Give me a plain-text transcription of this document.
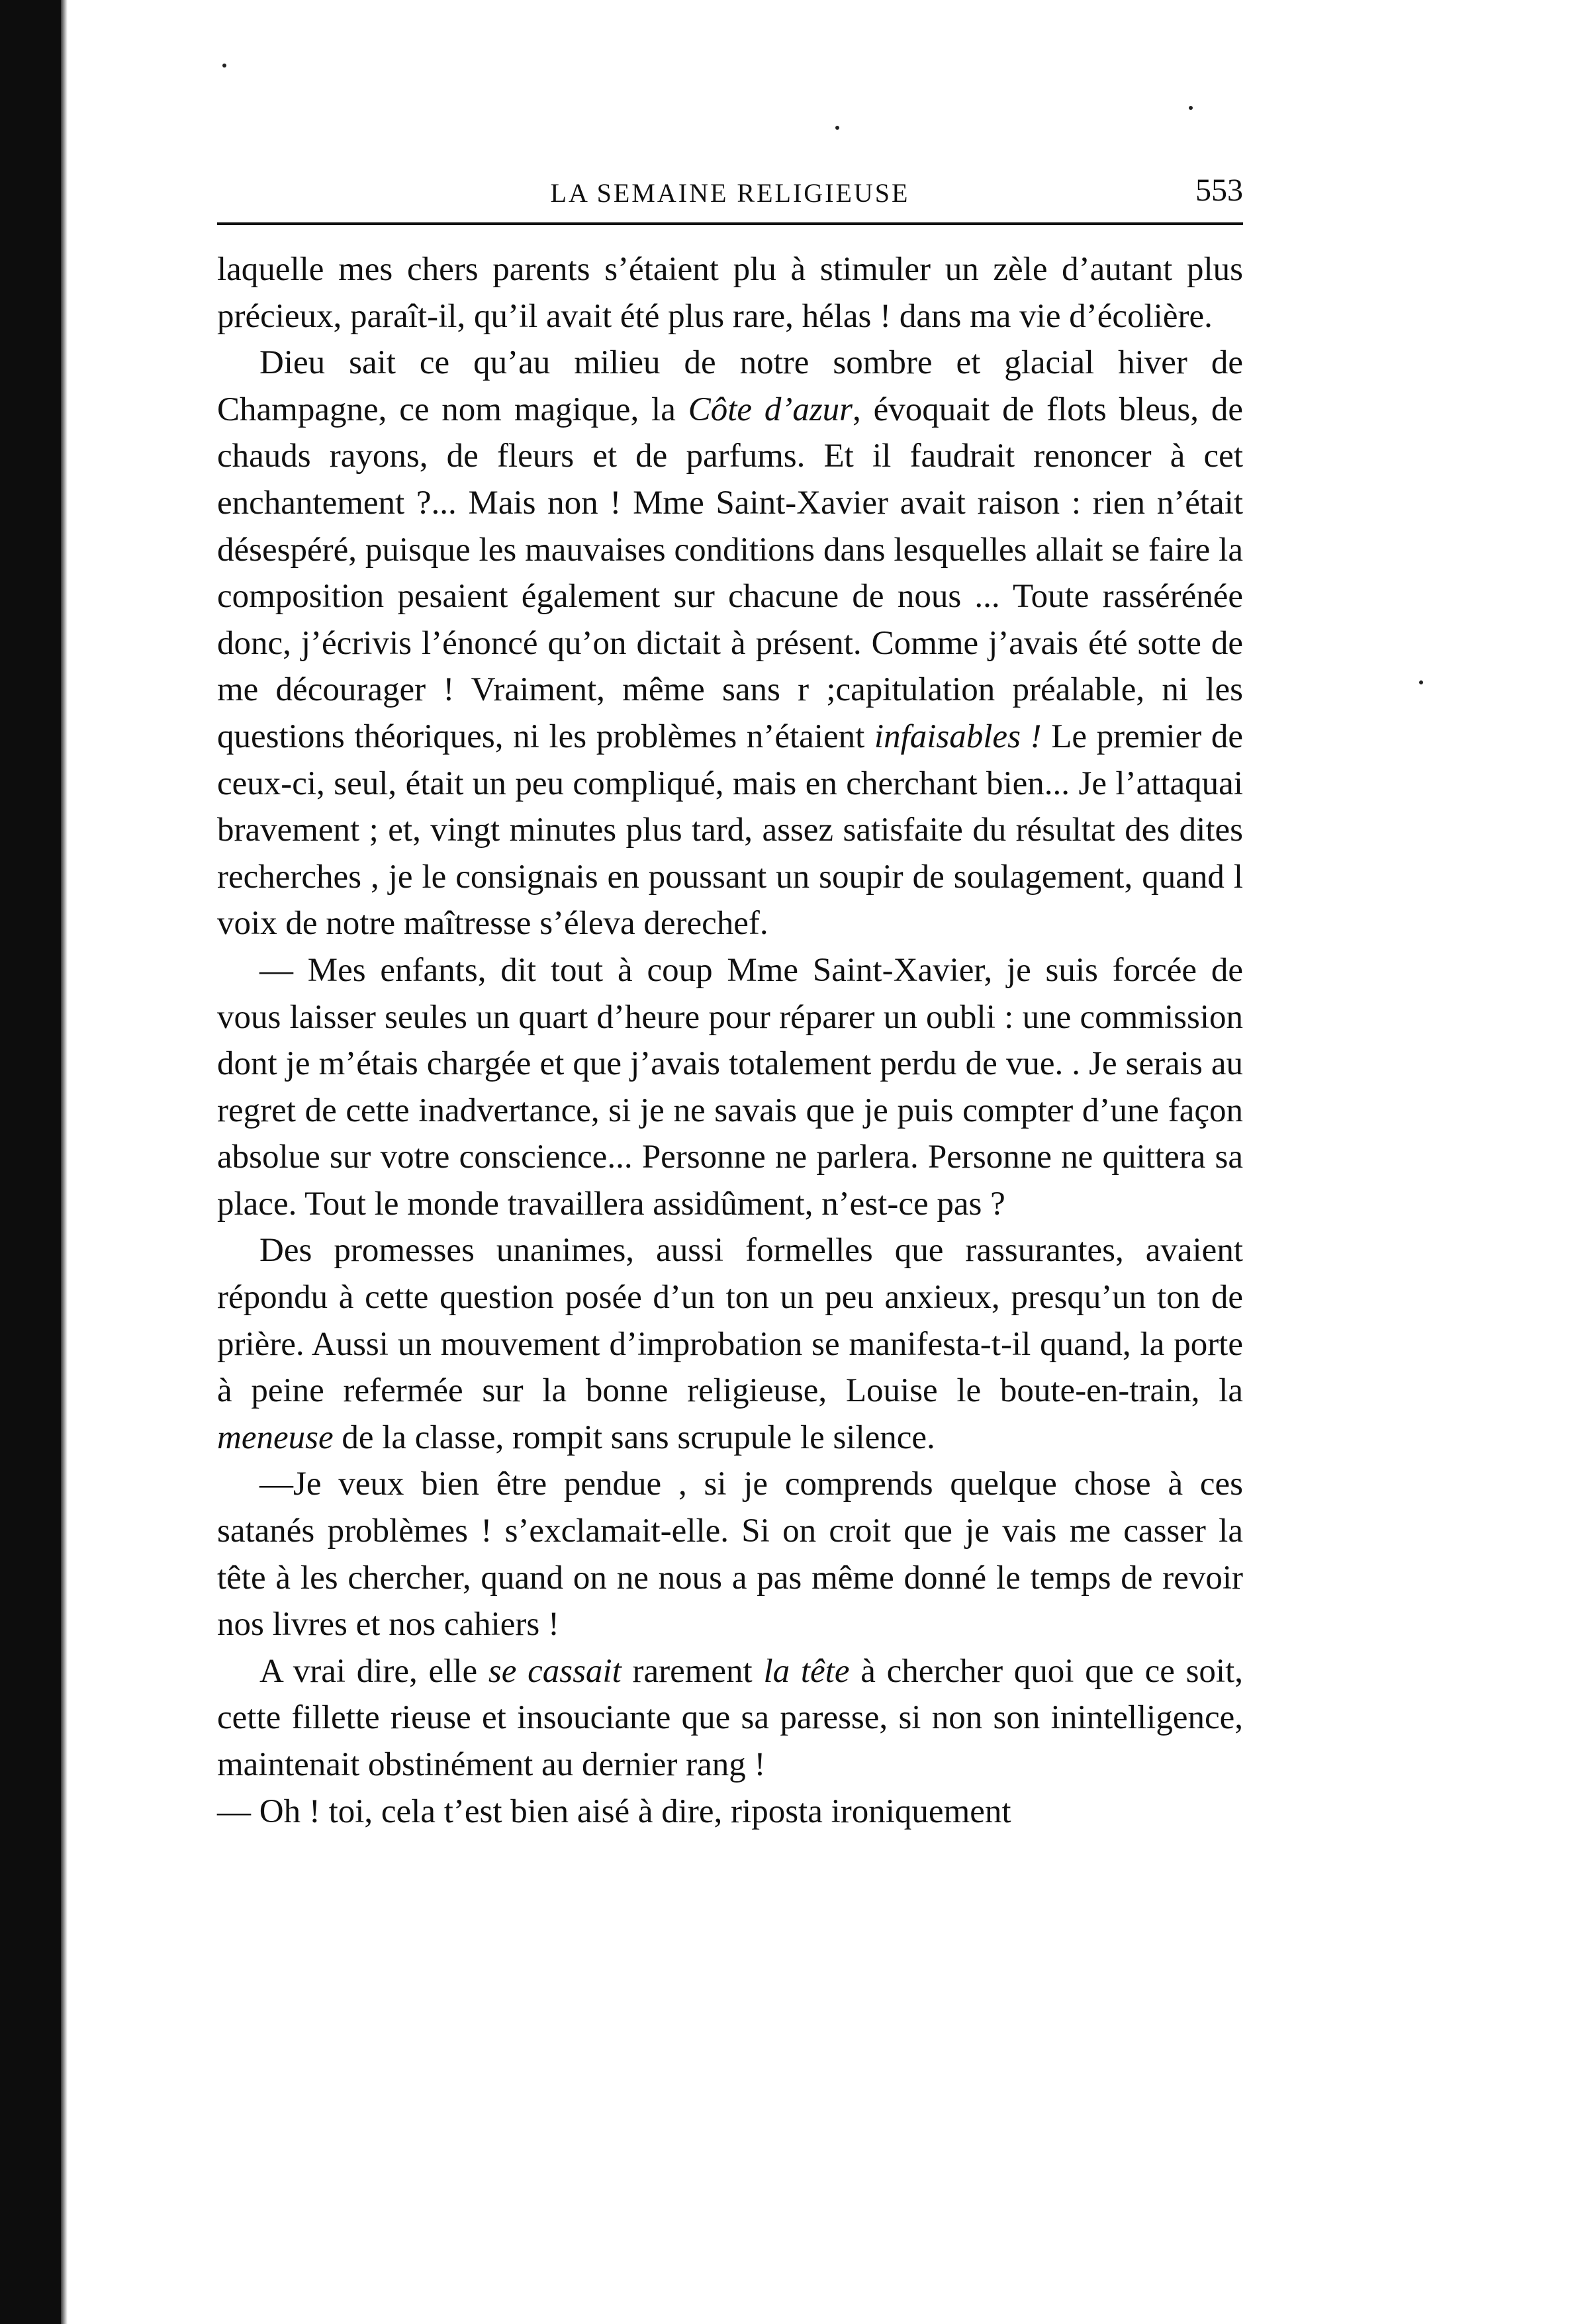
LA SEMAINE RELIGIEUSE	553

laquelle mes chers parents s’étaient plu à stimuler un zèle d’autant plus précieux, paraît-il, qu’il avait été plus rare, hélas ! dans ma vie d’écolière.

Dieu sait ce qu’au milieu de notre sombre et glacial hiver de Champagne, ce nom magique, la Côte d’azur, évoquait de flots bleus, de chauds rayons, de fleurs et de parfums. Et il faudrait renoncer à cet enchantement ?... Mais non ! Mme Saint-Xavier avait raison : rien n’était désespéré, puisque les mauvaises conditions dans lesquelles allait se faire la composition pesaient également sur chacune de nous ... Toute rassérénée donc, j’écrivis l’énoncé qu’on dictait à présent. Comme j’avais été sotte de me décourager ! Vraiment, même sans r ;capitulation préalable, ni les questions théoriques, ni les problèmes n’étaient infaisables ! Le premier de ceux-ci, seul, était un peu compliqué, mais en cherchant bien... Je l’attaquai bravement ; et, vingt minutes plus tard, assez satisfaite du résultat des dites recherches , je le consignais en poussant un soupir de soulagement, quand l voix de notre maîtresse s’éleva derechef.

— Mes enfants, dit tout à coup Mme Saint-Xavier, je suis forcée de vous laisser seules un quart d’heure pour réparer un oubli : une commission dont je m’étais chargée et que j’avais totalement perdu de vue. . Je serais au regret de cette inadvertance, si je ne savais que je puis compter d’une façon absolue sur votre conscience... Personne ne parlera. Personne ne quittera sa place. Tout le monde travaillera assidûment, n’est-ce pas ?

Des promesses unanimes, aussi formelles que rassurantes, avaient répondu à cette question posée d’un ton un peu anxieux, presqu’un ton de prière. Aussi un mouvement d’improbation se manifesta-t-il quand, la porte à peine refermée sur la bonne religieuse, Louise le boute-en-train, la meneuse de la classe, rompit sans scrupule le silence.

—Je veux bien être pendue , si je comprends quelque chose à ces satanés problèmes ! s’exclamait-elle. Si on croit que je vais me casser la tête à les chercher, quand on ne nous a pas même donné le temps de revoir nos livres et nos cahiers !

A vrai dire, elle se cassait rarement la tête à chercher quoi que ce soit, cette fillette rieuse et insouciante que sa paresse, si non son inintelligence, maintenait obstinément au dernier rang !

— Oh ! toi, cela t’est bien aisé à dire, riposta ironiquement
